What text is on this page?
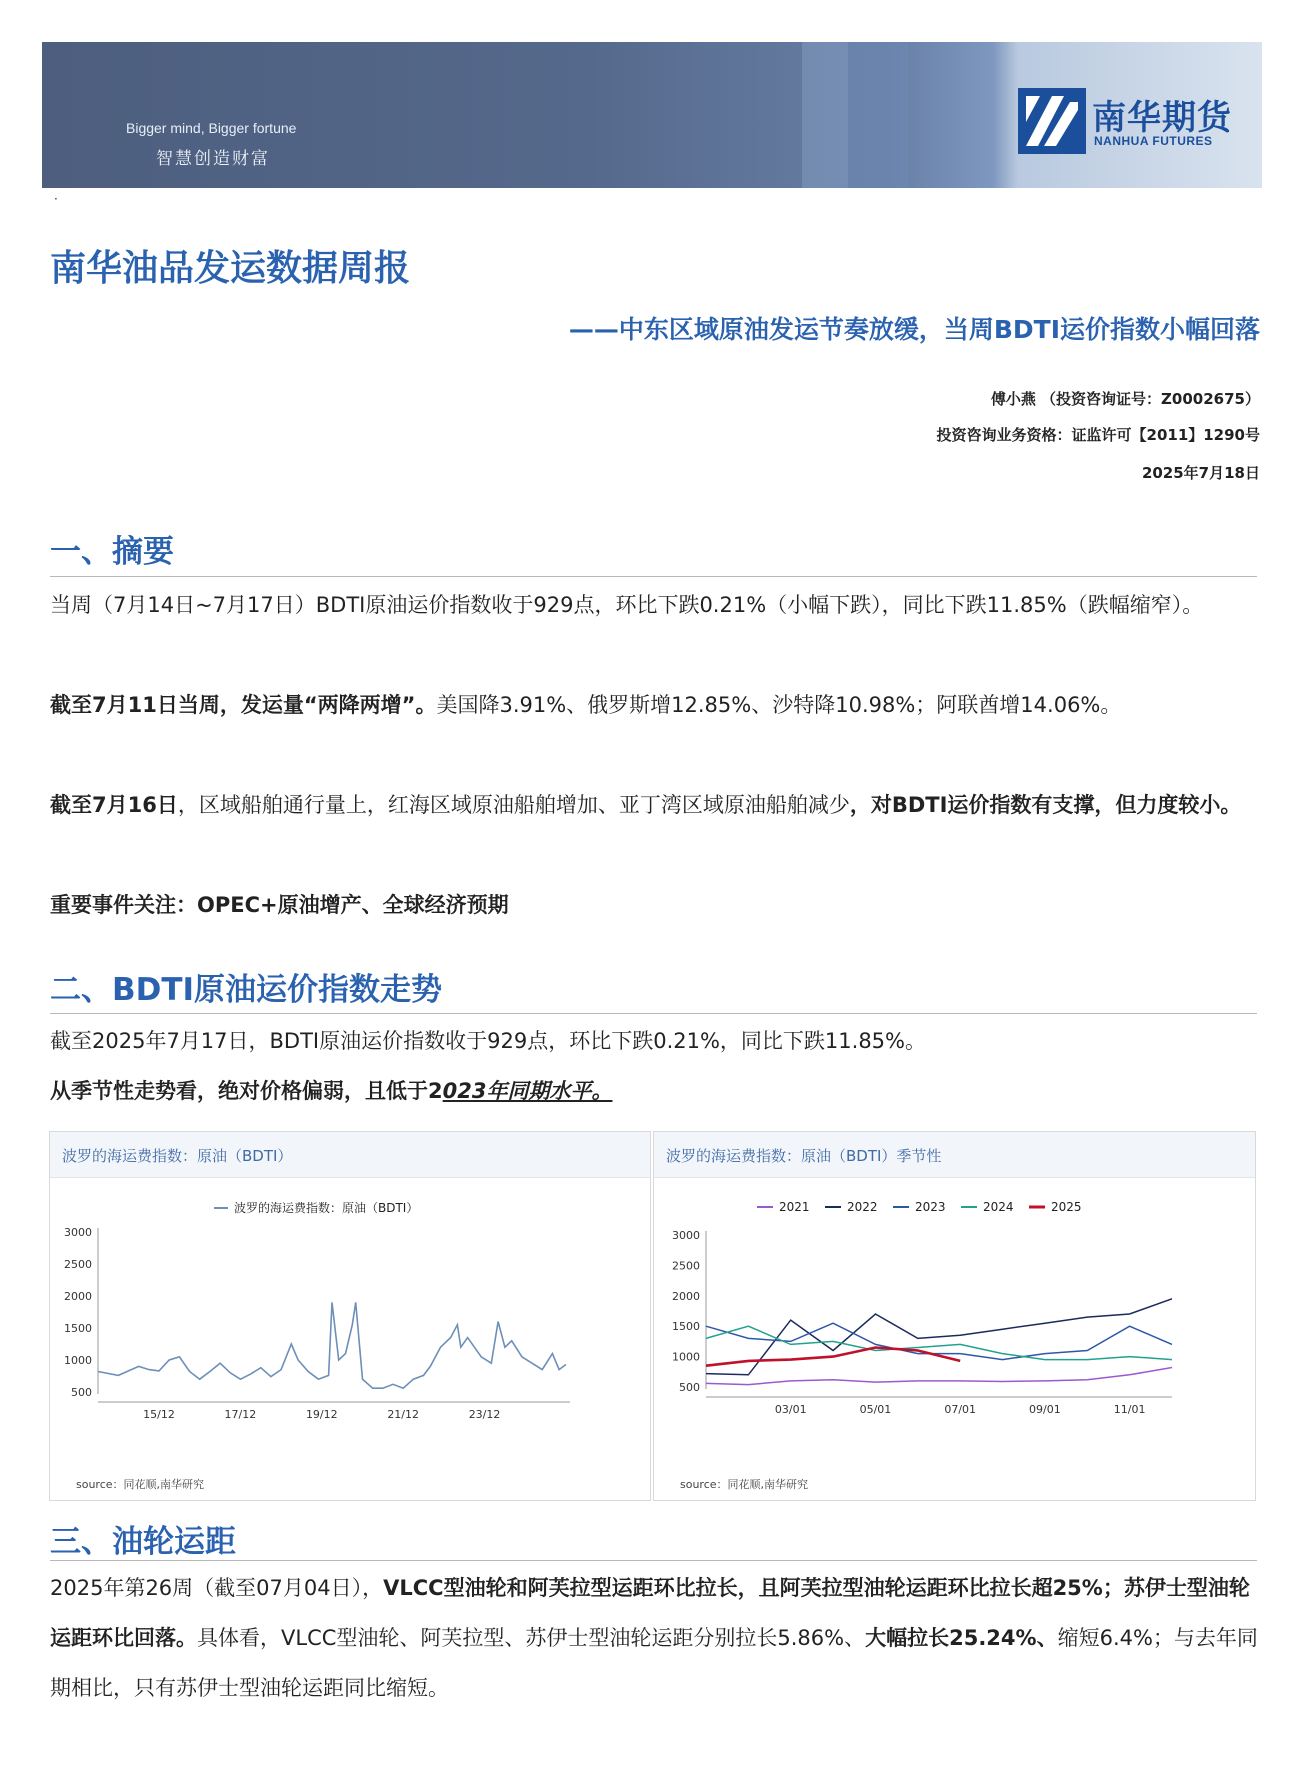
Bigger mind, Bigger fortune
智慧创造财富
南华期货
NANHUA FUTURES
·
南华油品发运数据周报
——中东区域原油发运节奏放缓，当周BDTI运价指数小幅回落
傅小燕 （投资咨询证号：Z0002675）
投资咨询业务资格：证监许可【2011】1290号
2025年7月18日
一、摘要
当周（7月14日~7月17日）BDTI原油运价指数收于929点，环比下跌0.21%（小幅下跌），同比下跌11.85%（跌幅缩窄）。
截至7月11日当周，发运量“两降两增”。美国降3.91%、俄罗斯增12.85%、沙特降10.98%；阿联酋增14.06%。
截至7月16日，区域船舶通行量上，红海区域原油船舶增加、亚丁湾区域原油船舶减少，对BDTI运价指数有支撑，但力度较小。
重要事件关注：OPEC+原油增产、全球经济预期
二、BDTI原油运价指数走势
截至2025年7月17日，BDTI原油运价指数收于929点，环比下跌0.21%，同比下跌11.85%。
从季节性走势看，绝对价格偏弱，且低于2023年同期水平。
波罗的海运费指数：原油（BDTI）
波罗的海运费指数：原油（BDTI）
500
1000
1500
2000
2500
3000
15/12	17/12	19/12	21/12	23/12
source：同花顺,南华研究
波罗的海运费指数：原油（BDTI）季节性
2021	2022	2023	2024	2025
500
1000
1500
2000
2500
3000
03/01	05/01	07/01	09/01	11/01
source：同花顺,南华研究
三、油轮运距
2025年第26周（截至07月04日），VLCC型油轮和阿芙拉型运距环比拉长，且阿芙拉型油轮运距环比拉长超25%；苏伊士型油轮运距环比回落。具体看，VLCC型油轮、阿芙拉型、苏伊士型油轮运距分别拉长5.86%、大幅拉长25.24%、缩短6.4%；与去年同期相比，只有苏伊士型油轮运距同比缩短。
